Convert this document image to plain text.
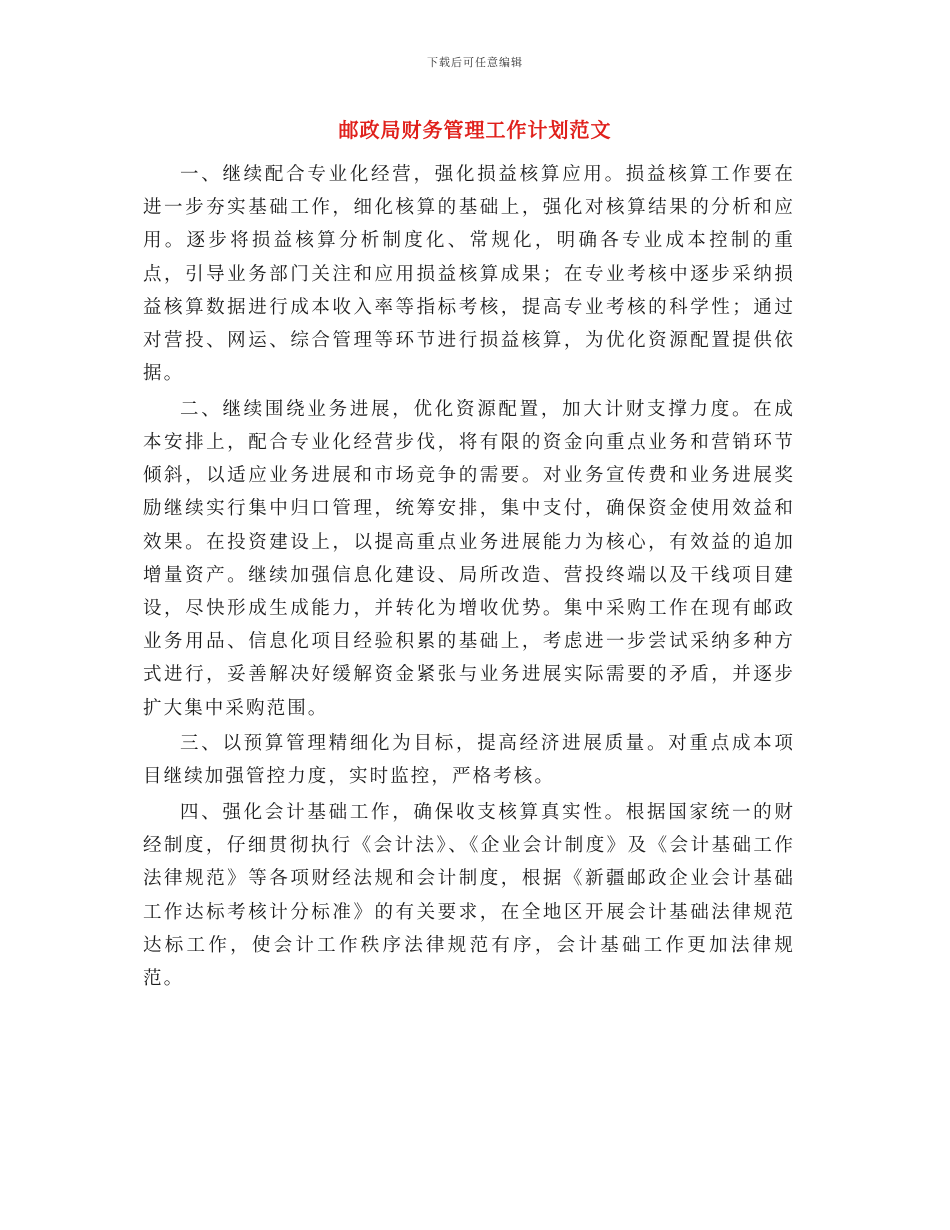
下载后可任意编辑
邮政局财务管理工作计划范文

一、继续配合专业化经营，强化损益核算应用。损益核算工作要在进一步夯实基础工作，细化核算的基础上，强化对核算结果的分析和应用。逐步将损益核算分析制度化、常规化，明确各专业成本控制的重点，引导业务部门关注和应用损益核算成果；在专业考核中逐步采纳损益核算数据进行成本收入率等指标考核，提高专业考核的科学性；通过对营投、网运、综合管理等环节进行损益核算，为优化资源配置提供依据。

二、继续围绕业务进展，优化资源配置，加大计财支撑力度。在成本安排上，配合专业化经营步伐，将有限的资金向重点业务和营销环节倾斜，以适应业务进展和市场竞争的需要。对业务宣传费和业务进展奖励继续实行集中归口管理，统筹安排，集中支付，确保资金使用效益和效果。在投资建设上，以提高重点业务进展能力为核心，有效益的追加增量资产。继续加强信息化建设、局所改造、营投终端以及干线项目建设，尽快形成生成能力，并转化为增收优势。集中采购工作在现有邮政业务用品、信息化项目经验积累的基础上，考虑进一步尝试采纳多种方式进行，妥善解决好缓解资金紧张与业务进展实际需要的矛盾，并逐步扩大集中采购范围。

三、以预算管理精细化为目标，提高经济进展质量。对重点成本项目继续加强管控力度，实时监控，严格考核。

四、强化会计基础工作，确保收支核算真实性。根据国家统一的财经制度，仔细贯彻执行《会计法》、《企业会计制度》及《会计基础工作法律规范》等各项财经法规和会计制度，根据《新疆邮政企业会计基础工作达标考核计分标准》的有关要求，在全地区开展会计基础法律规范达标工作，使会计工作秩序法律规范有序，会计基础工作更加法律规范。
